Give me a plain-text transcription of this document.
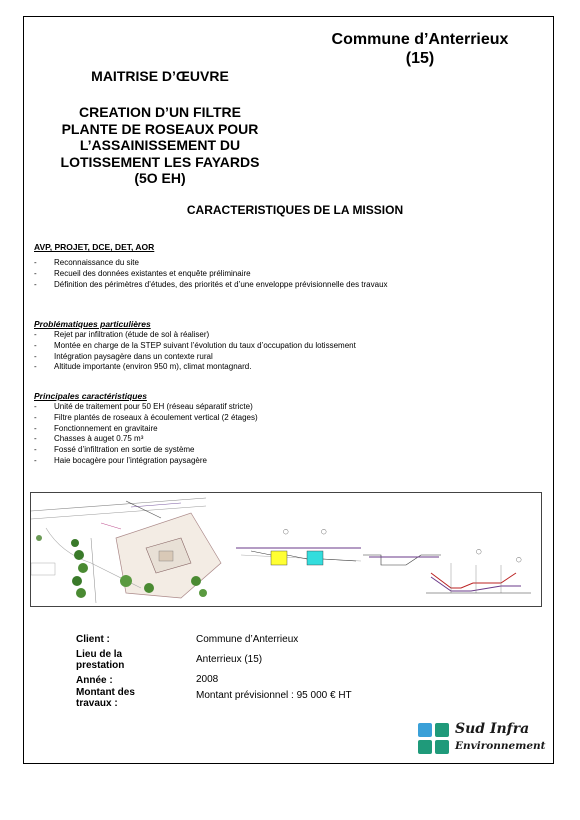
Commune d’Anterrieux
(15)
MAITRISE D’ŒUVRE
CREATION D’UN FILTRE
PLANTE DE ROSEAUX POUR
L’ASSAINISSEMENT DU
LOTISSEMENT LES FAYARDS
(5O EH)
CARACTERISTIQUES DE LA MISSION
AVP, PROJET, DCE, DET, AOR
- Reconnaissance du site
- Recueil des données existantes et enquête préliminaire
- Définition des périmètres d’études, des priorités et d’une enveloppe prévisionnelle des travaux
Problématiques particulières
- Rejet par infiltration (étude de sol à réaliser)
- Montée en charge de la STEP suivant l’évolution du taux d’occupation du lotissement
- Intégration paysagère dans un contexte rural
- Altitude importante (environ 950 m), climat montagnard.
Principales caractéristiques
- Unité de traitement pour 50 EH (réseau séparatif stricte)
- Filtre plantés de roseaux à écoulement vertical (2 étages)
- Fonctionnement en gravitaire
- Chasses à auget 0.75 m³
- Fossé d’infiltration en sortie de système
- Haie bocagère pour l’intégration paysagère
◯	◯
◯
◯
Client :
Lieu de la prestation
Année :
Montant des travaux :
Commune d’Anterrieux
Anterrieux (15)
2008
Montant prévisionnel : 95 000 € HT
Sud Infra
Environnement
